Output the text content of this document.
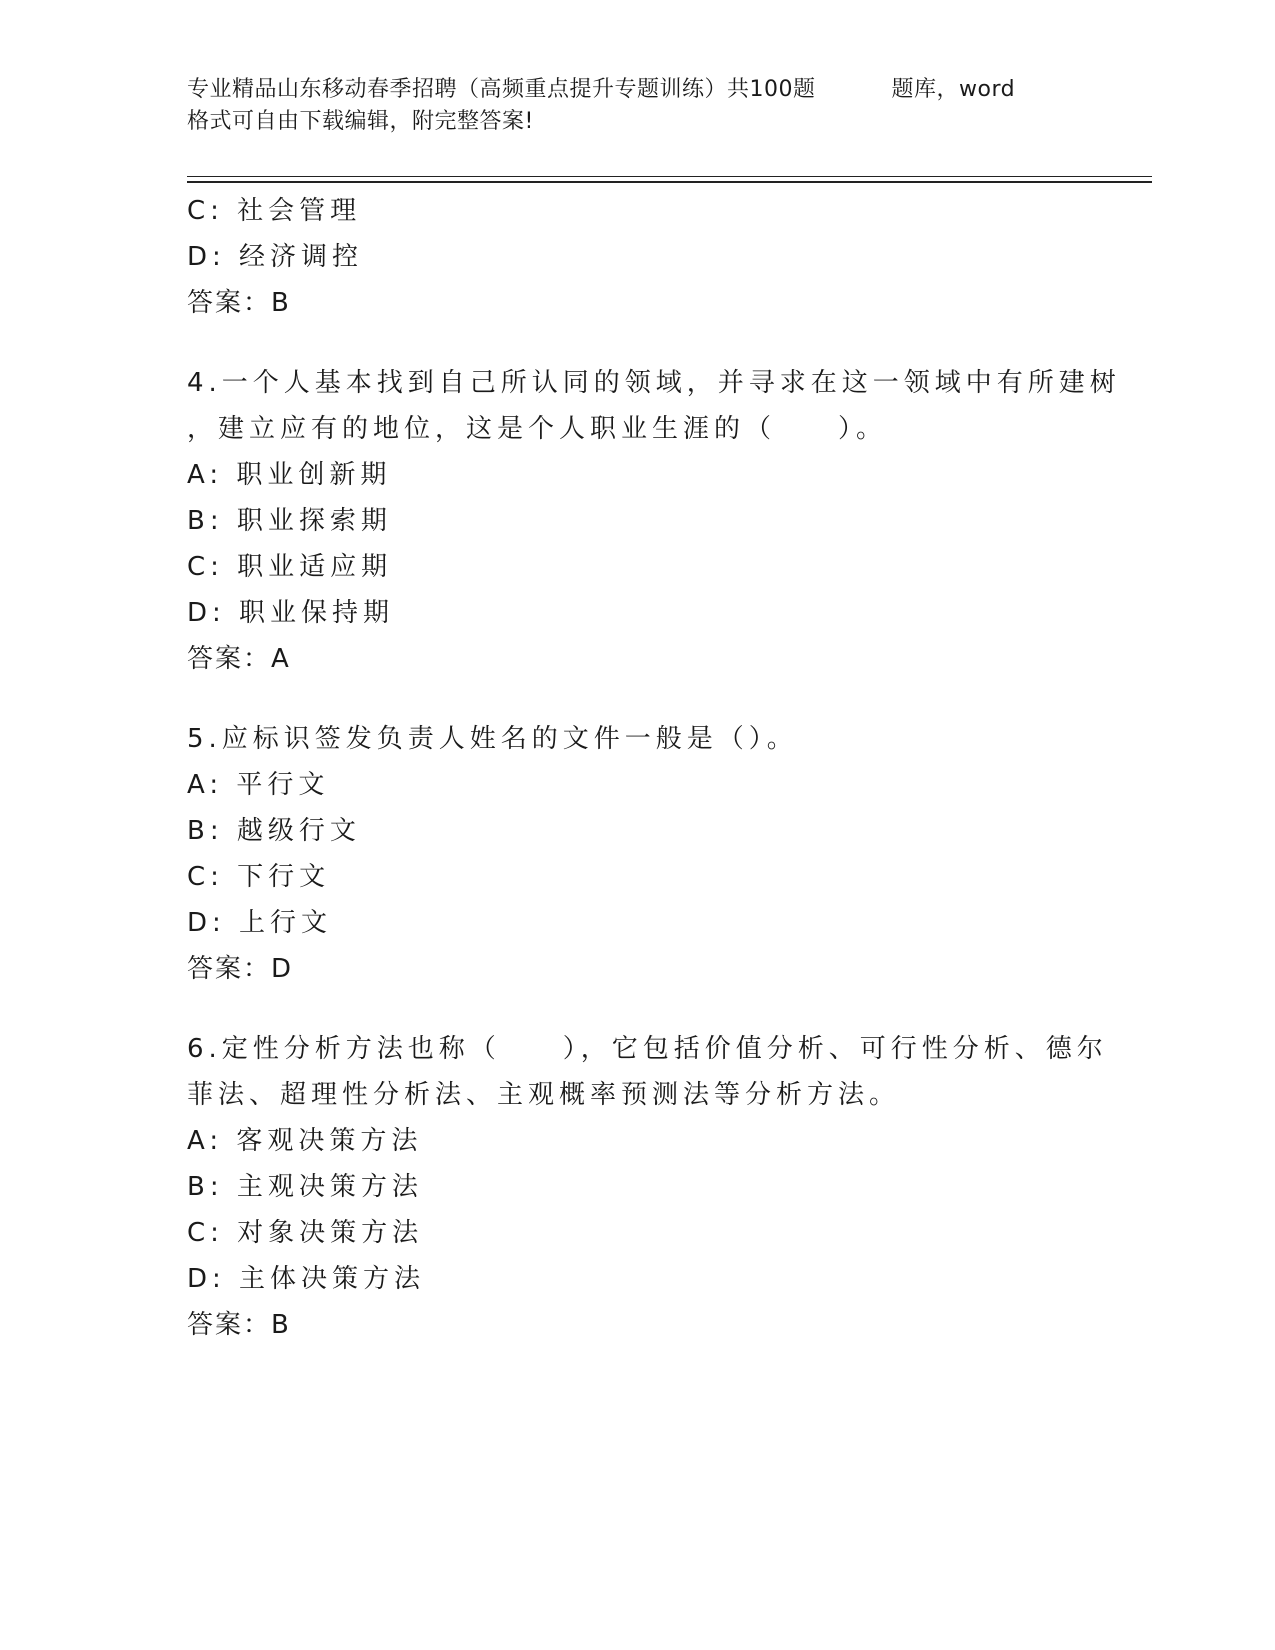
专业精品山东移动春季招聘（高频重点提升专题训练）共100题	题库，word
格式可自由下载编辑，附完整答案!
C: 社会管理
D: 经济调控
答案：B
4.一个人基本找到自己所认同的领域，并寻求在这一领域中有所建树
，建立应有的地位，这是个人职业生涯的（　　）。
A: 职业创新期
B: 职业探索期
C: 职业适应期
D: 职业保持期
答案：A
5.应标识签发负责人姓名的文件一般是（）。
A: 平行文
B: 越级行文
C: 下行文
D: 上行文
答案：D
6.定性分析方法也称（　　），它包括价值分析、可行性分析、德尔
菲法、超理性分析法、主观概率预测法等分析方法。
A: 客观决策方法
B: 主观决策方法
C: 对象决策方法
D: 主体决策方法
答案：B
